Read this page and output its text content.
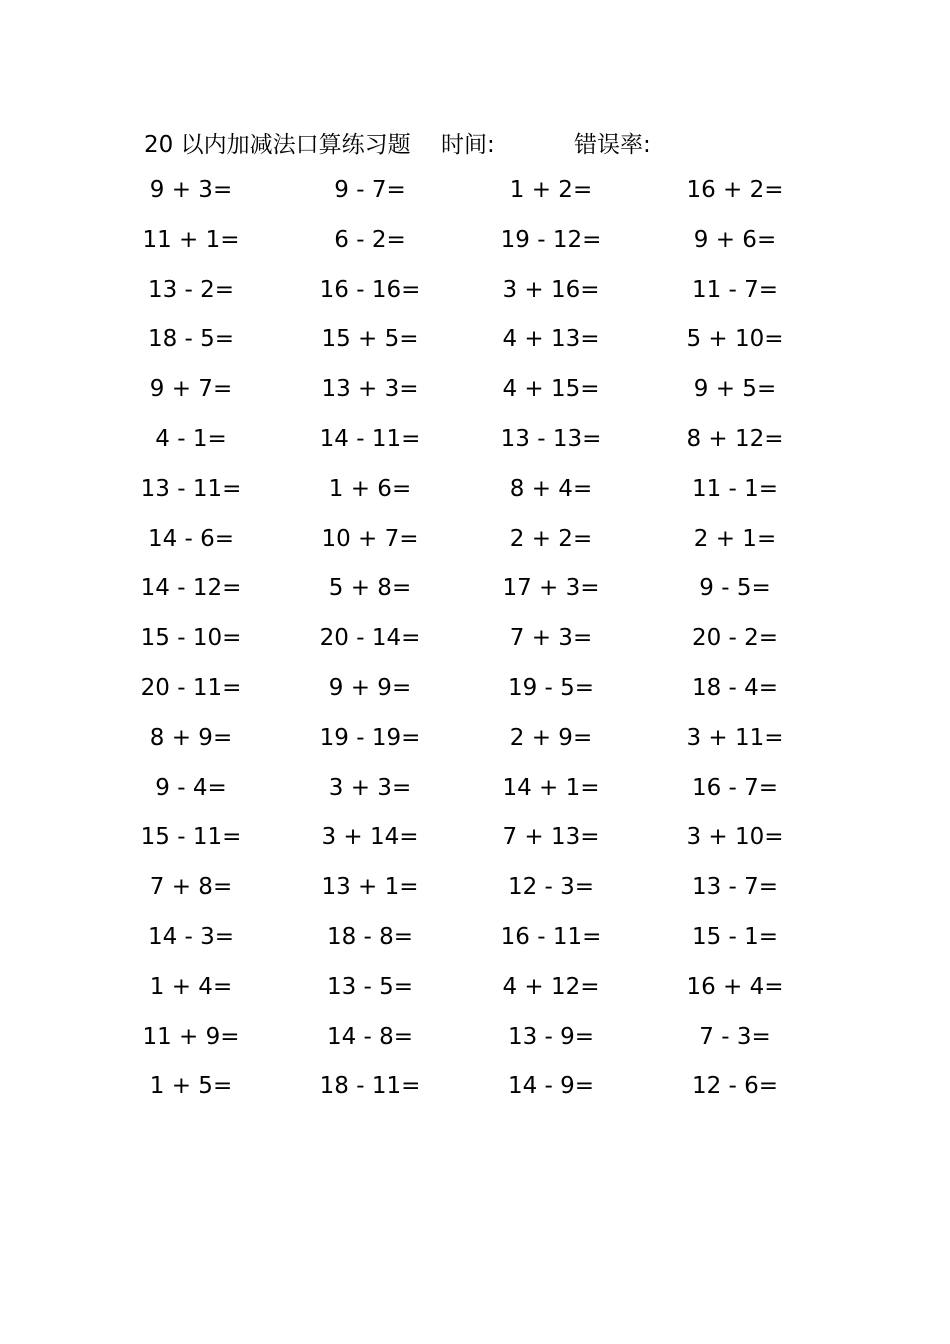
20 以内加减法口算练习题 时间:	错误率:
9 + 3=	9 - 7=	1 + 2=	16 + 2=
11 + 1=	6 - 2=	19 - 12=	9 + 6=
13 - 2=	16 - 16=	3 + 16=	11 - 7=
18 - 5=	15 + 5=	4 + 13=	5 + 10=
9 + 7=	13 + 3=	4 + 15=	9 + 5=
4 - 1=	14 - 11=	13 - 13=	8 + 12=
13 - 11=	1 + 6=	8 + 4=	11 - 1=
14 - 6=	10 + 7=	2 + 2=	2 + 1=
14 - 12=	5 + 8=	17 + 3=	9 - 5=
15 - 10=	20 - 14=	7 + 3=	20 - 2=
20 - 11=	9 + 9=	19 - 5=	18 - 4=
8 + 9=	19 - 19=	2 + 9=	3 + 11=
9 - 4=	3 + 3=	14 + 1=	16 - 7=
15 - 11=	3 + 14=	7 + 13=	3 + 10=
7 + 8=	13 + 1=	12 - 3=	13 - 7=
14 - 3=	18 - 8=	16 - 11=	15 - 1=
1 + 4=	13 - 5=	4 + 12=	16 + 4=
11 + 9=	14 - 8=	13 - 9=	7 - 3=
1 + 5=	18 - 11=	14 - 9=	12 - 6=
